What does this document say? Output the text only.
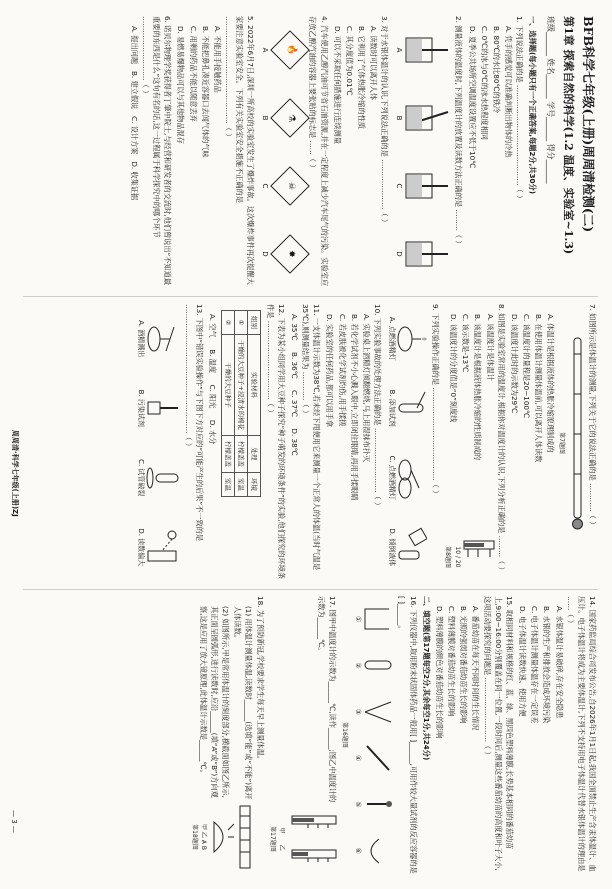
BFB科学七年级(上册)周周清检测(二)
第1章 探索自然的科学(1.2 温度、实验室~1.3)
班级______ 姓名______ 学号______ 得分______
一、选择题(每小题只有一个正确答案,每题2分,共30分)
1. 下列说法正确的是 ……………………………………（ ）
A. 凭手的感觉可以准确判断出物体的冷热
B. 80℃的水比80℃的铁冷
C. 0℃的冰与0℃的冰水热程度相同
D. 夏季公共场所空调温度设置应不低于10℃
2. 测量液体的温度时,下列温度计的放置及读数方法正确的是 ………（ ）
A
B
C
D
3. 对于水银体温计的认识,下列说法正确的是 …………………（ ）
A. 读数时可以离开人体
B. 它利用了气体热胀冷缩的性质
C. 其分度值为0.01℃
D. 可以不采取任何措施进行连续测量
4. 汽车使用乙醇汽油可节省石油资源,并在一定程度上减少汽车尾气的污染。实验室应存放乙醇汽油的容器上要张贴的标志是 ……（ ）
🔥
A
⚗
B
☠
C
✸
D
5. 2022年6月7日,深圳一所高校的实验室发生了爆炸事故。这次爆炸事件再次提醒大家要注意实验室安全。下列有关实验室安全措施不正确的是 ………………………………………（ ）
A. 不能用手接触药品
B. 不能把鼻孔凑近容器口去闻气体的气味
C. 用剩的药品不能以随意丢弃
D. 易燃易爆物品可以与其他物品混存
6. 诺贝尔物理学奖获得者丁肇中院士,与经营和研发者的交流时,他们曾说出“不知道最重要的东西是什么”这句有名的话,这一过程属于科学探究中的哪个环节 ………………………（ ）
A. 提出问题   B. 建立假说   C. 设计方案   D. 收集证据
7. 如图所示是体温计的测量,下列关于它的说法正确的是 …………（ ）
第7题图
A. 体温计是根据液体的热胀冷缩原理制成的
B. 在使用体温计测量体温前,可以离开人体读数
C. 该温度计的量程是20~100℃
D. 该温度计此时的示数为29℃
8. 如图是实验室常用的温度计,根据你对温度计的认识,下列分析正确的是 ………（ ）
A. 该温度计是体温计
B. 该温度计是根据液体热胀冷缩的性质制成的
C. 该示数是-13℃
D. 该温度计的分度值是“0”刻度线
10 / 20
第8题图
9. 下列实验操作正确的是 …………………………………（ ）
A. 点燃酒精灯
B. 添加试剂
C. 点燃酒精灯
D. 倾倒液体
10. 下列实验事故的处理方法正确的是 ………………………（ ）
A. 实验桌上酒精灯倾翻燃烧,马上用湿抹布扑灭
B. 若化学试剂不小心溅入眼中,立即闭住眼睛,再用手揉眼睛
C. 若皮肤被化学试剂灼伤,用手揉搓
D. 实验室的任何药品,都可以用手拿
11. 一支体温计示数为38℃,若未经下甩便用它来测量一个正常人的体温(当时气温是35℃),则测量结果为 …………（ ）
A. 35℃     B. 36℃     C. 37℃     D. 38℃
12. 下表为某小组同学用大豆种子探究“种子萌发的环境条件”的实验,他们探究的环境条件是 ……………………………（ ）
组别	实验材料	处理	环境
①	干燥的大豆种子+浸清水的棉花	柠檬盖盖	室温
②	干燥的大豆种子	柠檬盖盖	室温
A. 空气     B. 温度     C. 阳光     D. 水分
13. 下图中“错误实验操作”与下图下方对应的“可能产生的后果”不一致的是 ………………………………………………（ ）
A. 酒精溅出
B. 污染试剂
C. 试管破裂
D. 读数偏大
14. 国家药监局综合司发布公告,自2026年1月1日起,我国全面禁止生产含汞体温计、血压计。电子体温计将成为主要体温计,下列不支持用电子体温计代替水银体温计的理由是 ……（ ）
A. 水银体温计易破碎,存在安全隐患
B. 水银的生产和排放会造成环境污染
C. 电子体温计测量体温存在一定误差
D. 电子体温计读数快速、使用方便
15. 取相同材料和规格的红、蓝、绿、黑四色塑料薄膜,长势基本相同的番茄幼苗上,9:00~16:00分别覆盖在同一位置,一段时间后,测量这些番茄幼苗的高度和叶子大小,这项活动要探究的问题是 ………………………（ ）
A. 番茄幼苗在每天不同时间的生长情况
B. 光照的强弱对番茄幼苗生长的影响
C. 塑料薄膜对番茄幼苗生长的影响
D. 塑料薄膜的颜色对番茄幼苗生长的影响
二、填空题(第17题每空2分,其余每空1分,共24分)
16. 下列仪器中,取用粉末状固体药品一般用[ ]______,可用作较大量试剂的反应容器的是[ ]______。
①
②
③
④
⑤
⑥
第16题图
17. 图甲中温度计的示数为______℃,读作______;图乙中温度计的示数为______℃。
甲      乙
第17题图
18. 为了预防新冠,学校要求学生每天早上测量体温。
(1) 用体温计测量体温,读数时______(选填“能”或“不能”)离开人体读数。
(2) 如图所示,甲是常用体温计的刻度部分,横截面如图乙所示,其正面呈圆弧形,进行读数时,应沿______(填“A”或“B”)方向观察,这是应用了放大镜原理,此体温计示数是______℃。
甲 乙 A B
第18题图
周周清·科学七年级(上册)ZJ
— 3 —
